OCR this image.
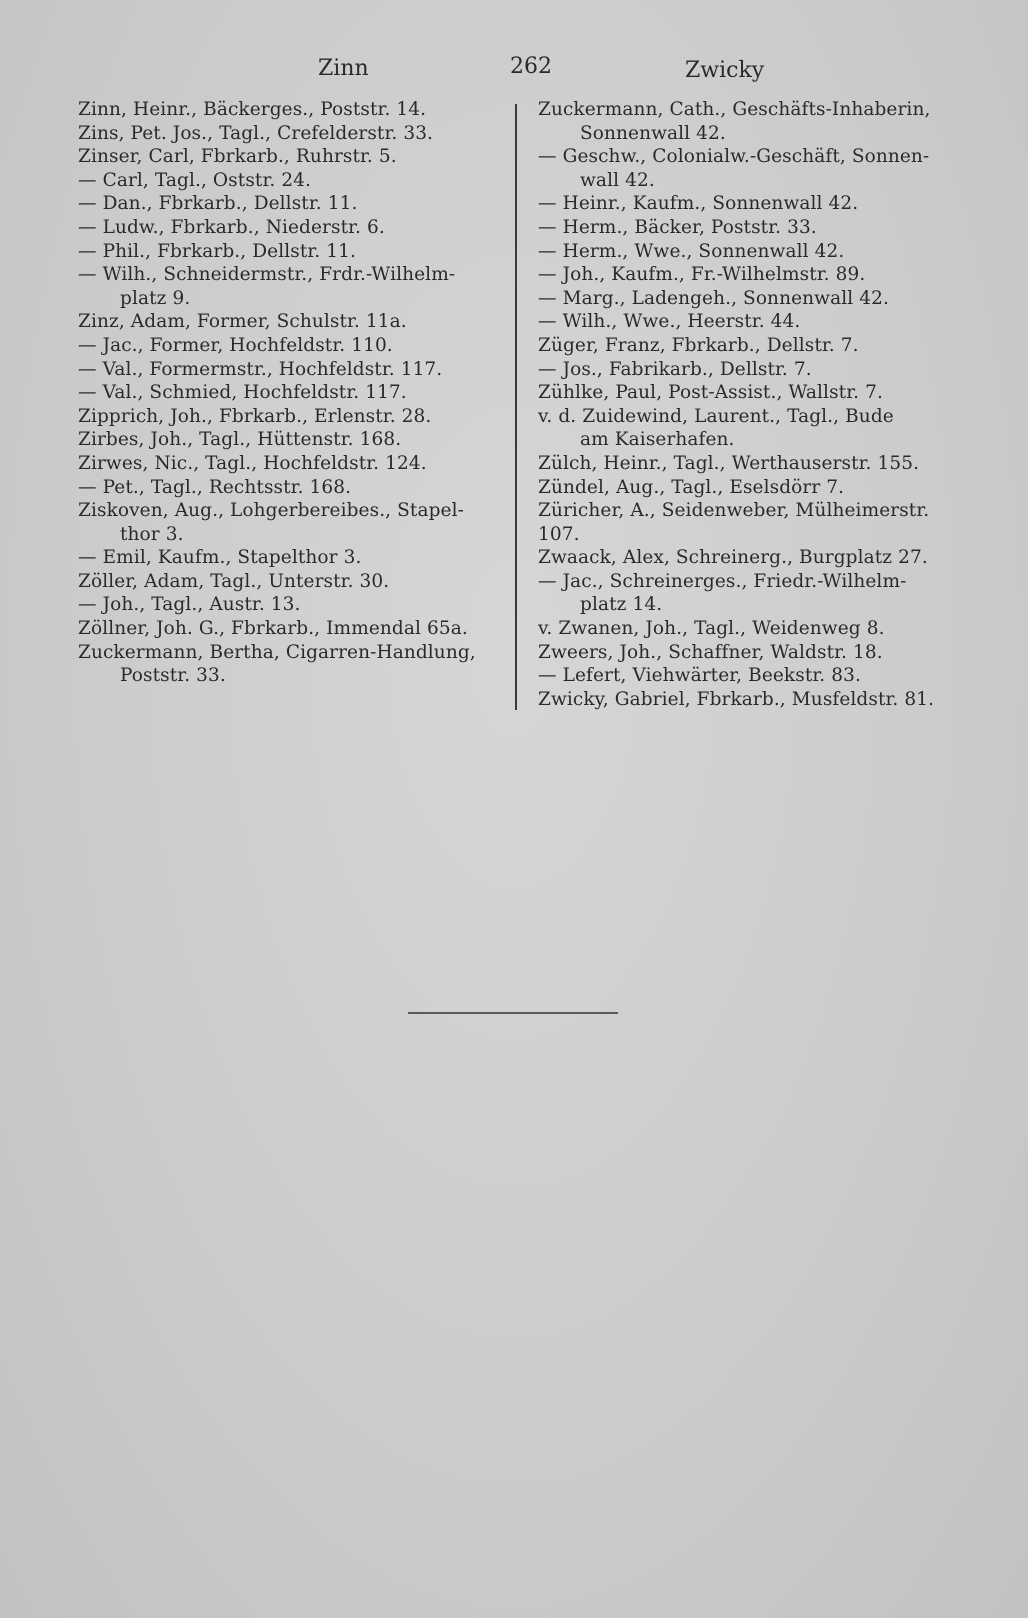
Zinn	262	Zwicky
Zinn, Heinr., Bäckerges., Poststr. 14.
Zins, Pet. Jos., Tagl., Crefelderstr. 33.
Zinser, Carl, Fbrkarb., Ruhrstr. 5.
— Carl, Tagl., Oststr. 24.
— Dan., Fbrkarb., Dellstr. 11.
— Ludw., Fbrkarb., Niederstr. 6.
— Phil., Fbrkarb., Dellstr. 11.
— Wilh., Schneidermstr., Frdr.-Wilhelm-
platz 9.
Zinz, Adam, Former, Schulstr. 11a.
— Jac., Former, Hochfeldstr. 110.
— Val., Formermstr., Hochfeldstr. 117.
— Val., Schmied, Hochfeldstr. 117.
Zipprich, Joh., Fbrkarb., Erlenstr. 28.
Zirbes, Joh., Tagl., Hüttenstr. 168.
Zirwes, Nic., Tagl., Hochfeldstr. 124.
— Pet., Tagl., Rechtsstr. 168.
Ziskoven, Aug., Lohgerbereibes., Stapel-
thor 3.
— Emil, Kaufm., Stapelthor 3.
Zöller, Adam, Tagl., Unterstr. 30.
— Joh., Tagl., Austr. 13.
Zöllner, Joh. G., Fbrkarb., Immendal 65a.
Zuckermann, Bertha, Cigarren-Handlung,
Poststr. 33.
Zuckermann, Cath., Geschäfts-Inhaberin,
Sonnenwall 42.
— Geschw., Colonialw.-Geschäft, Sonnen-
wall 42.
— Heinr., Kaufm., Sonnenwall 42.
— Herm., Bäcker, Poststr. 33.
— Herm., Wwe., Sonnenwall 42.
— Joh., Kaufm., Fr.-Wilhelmstr. 89.
— Marg., Ladengeh., Sonnenwall 42.
— Wilh., Wwe., Heerstr. 44.
Züger, Franz, Fbrkarb., Dellstr. 7.
— Jos., Fabrikarb., Dellstr. 7.
Zühlke, Paul, Post-Assist., Wallstr. 7.
v. d. Zuidewind, Laurent., Tagl., Bude
am Kaiserhafen.
Zülch, Heinr., Tagl., Werthauserstr. 155.
Zündel, Aug., Tagl., Eselsdörr 7.
Züricher, A., Seidenweber, Mülheimerstr. 107.
Zwaack, Alex, Schreinerg., Burgplatz 27.
— Jac., Schreinerges., Friedr.-Wilhelm-
platz 14.
v. Zwanen, Joh., Tagl., Weidenweg 8.
Zweers, Joh., Schaffner, Waldstr. 18.
— Lefert, Viehwärter, Beekstr. 83.
Zwicky, Gabriel, Fbrkarb., Musfeldstr. 81.
